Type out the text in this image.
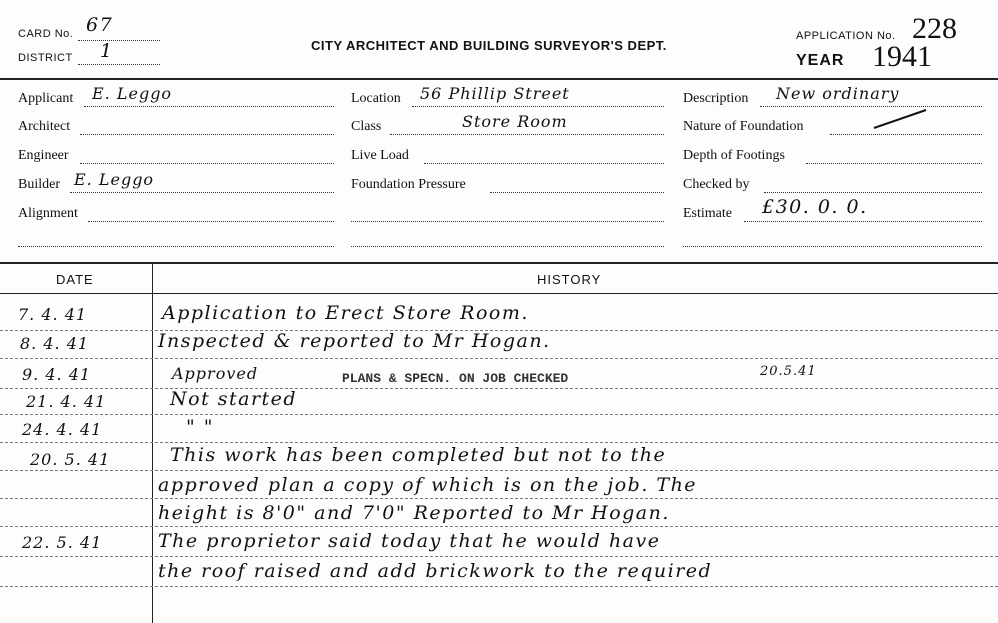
CARD No. 67
DISTRICT 1	CITY ARCHITECT AND BUILDING SURVEYOR'S DEPT.
APPLICATION No. 228
YEAR 1941
Applicant E. Leggo
Architect
Engineer
Builder E. Leggo
Alignment
Location 56 Phillip Street
Class	Store Room
Live Load
Foundation Pressure
Description New ordinary
Nature of Foundation
Depth of Footings
Checked by
Estimate £30. 0. 0.
DATE	HISTORY
7. 4. 41	Application to Erect Store Room.
8. 4. 41	Inspected & reported to Mr Hogan.
9. 4. 41	Approved	PLANS & SPECN. ON JOB CHECKED	20.5.41
21. 4. 41	Not started
24. 4. 41	" "
20. 5. 41	This work has been completed but not to the
approved plan a copy of which is on the job. The
height is 8'0" and 7'0" Reported to Mr Hogan.
22. 5. 41	The proprietor said today that he would have
the roof raised and add brickwork to the required
